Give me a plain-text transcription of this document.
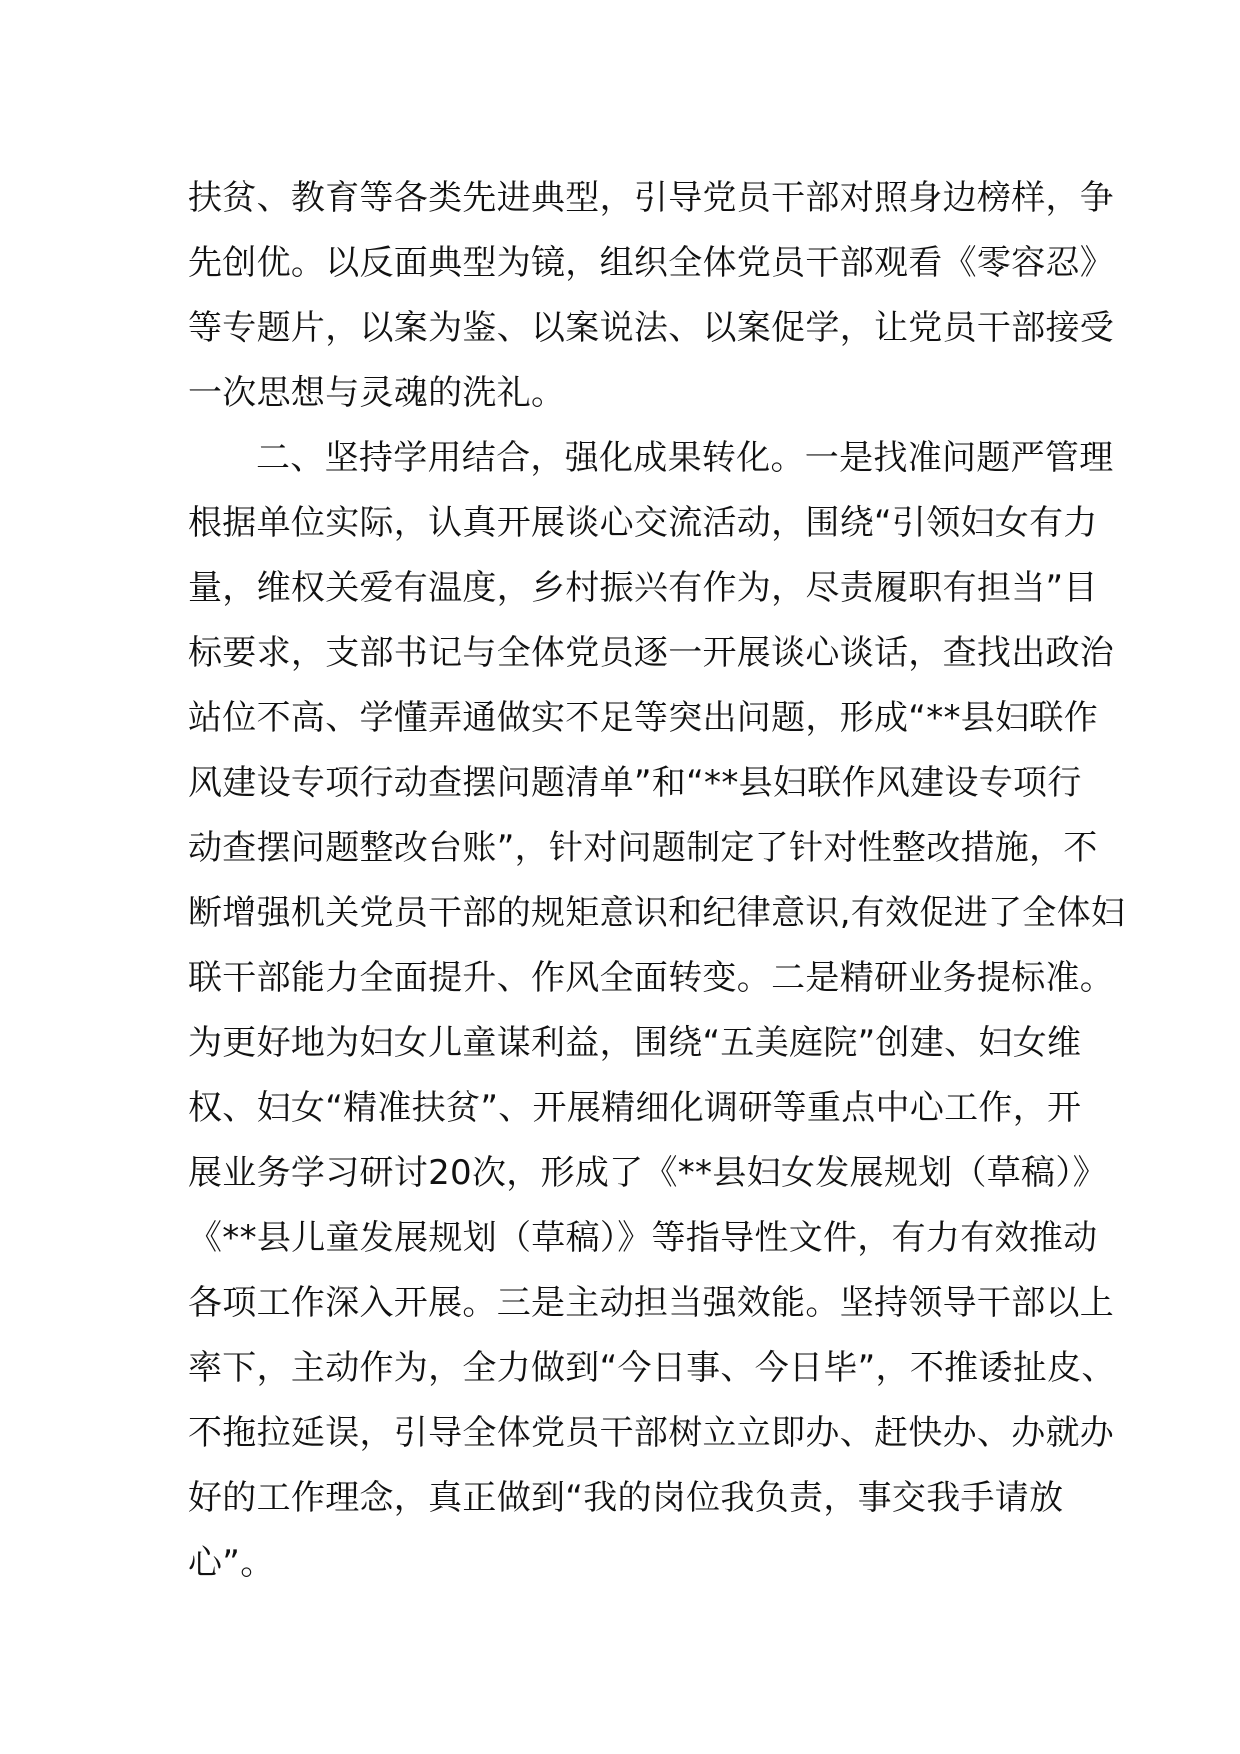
扶贫、教育等各类先进典型，引导党员干部对照身边榜样，争
先创优。以反面典型为镜，组织全体党员干部观看《零容忍》
等专题片，以案为鉴、以案说法、以案促学，让党员干部接受
一次思想与灵魂的洗礼。
二、坚持学用结合，强化成果转化。一是找准问题严管理
根据单位实际，认真开展谈心交流活动，围绕“引领妇女有力
量，维权关爱有温度，乡村振兴有作为，尽责履职有担当”目
标要求，支部书记与全体党员逐一开展谈心谈话，查找出政治
站位不高、学懂弄通做实不足等突出问题，形成“**县妇联作
风建设专项行动查摆问题清单”和“**县妇联作风建设专项行
动查摆问题整改台账”，针对问题制定了针对性整改措施，不
断增强机关党员干部的规矩意识和纪律意识,有效促进了全体妇
联干部能力全面提升、作风全面转变。二是精研业务提标准。
为更好地为妇女儿童谋利益，围绕“五美庭院”创建、妇女维
权、妇女“精准扶贫”、开展精细化调研等重点中心工作，开
展业务学习研讨20次，形成了《**县妇女发展规划（草稿）》
《**县儿童发展规划（草稿）》等指导性文件，有力有效推动
各项工作深入开展。三是主动担当强效能。坚持领导干部以上
率下，主动作为，全力做到“今日事、今日毕”，不推诿扯皮、
不拖拉延误，引导全体党员干部树立立即办、赶快办、办就办
好的工作理念，真正做到“我的岗位我负责，事交我手请放
心”。
